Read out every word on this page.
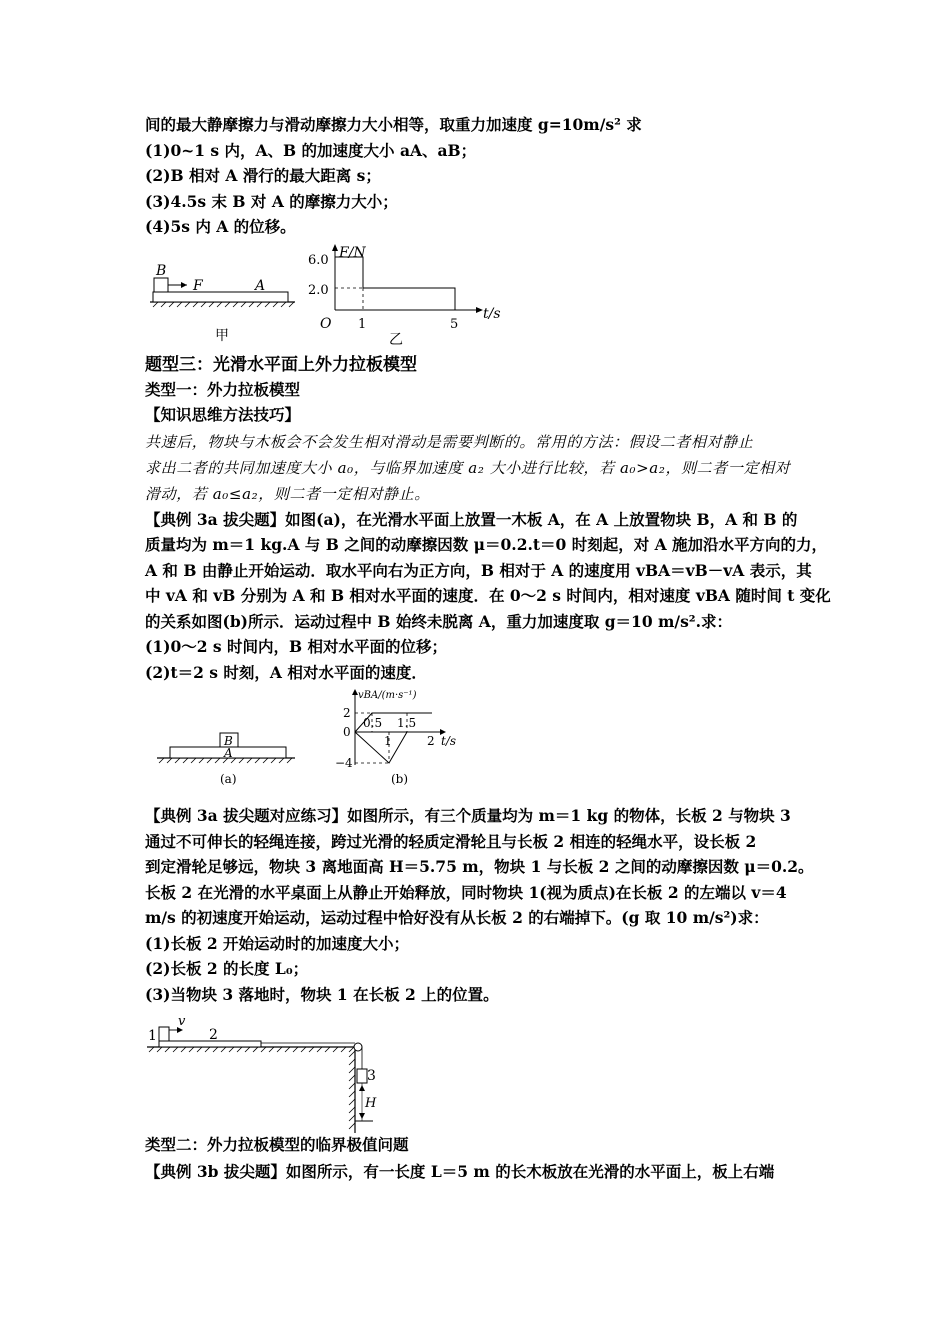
间的最大静摩擦力与滑动摩擦力大小相等，取重力加速度 g=10m/s² 求
(1)0~1 s 内，A、B 的加速度大小 aA、aB；
(2)B 相对 A 滑行的最大距离 s；
(3)4.5s 末 B 对 A 的摩擦力大小；
(4)5s 内 A 的位移。
B
F	A
甲
F/N
6.0
2.0
O 1	5
t/s
乙
题型三：光滑水平面上外力拉板模型
类型一：外力拉板模型
【知识思维方法技巧】
共速后，物块与木板会不会发生相对滑动是需要判断的。常用的方法：假设二者相对静止
求出二者的共同加速度大小 a₀，与临界加速度 a₂ 大小进行比较，若 a₀>a₂，则二者一定相对
滑动，若 a₀≤a₂，则二者一定相对静止。
【典例 3a 拔尖题】如图(a)，在光滑水平面上放置一木板 A，在 A 上放置物块 B，A 和 B 的
质量均为 m＝1 kg.A 与 B 之间的动摩擦因数 μ＝0.2.t＝0 时刻起，对 A 施加沿水平方向的力，
A 和 B 由静止开始运动．取水平向右为正方向，B 相对于 A 的速度用 vBA＝vB－vA 表示，其
中 vA 和 vB 分别为 A 和 B 相对水平面的速度．在 0～2 s 时间内，相对速度 vBA 随时间 t 变化
的关系如图(b)所示．运动过程中 B 始终未脱离 A，重力加速度取 g＝10 m/s².求：
(1)0～2 s 时间内，B 相对水平面的位移；
(2)t＝2 s 时刻，A 相对水平面的速度．
B
A
(a)
vBA/(m·s⁻¹)
2
0
−4
0.5
1
1.5
2 t/s
(b)
【典例 3a 拔尖题对应练习】如图所示，有三个质量均为 m＝1 kg 的物体，长板 2 与物块 3
通过不可伸长的轻绳连接，跨过光滑的轻质定滑轮且与长板 2 相连的轻绳水平，设长板 2
到定滑轮足够远，物块 3 离地面高 H＝5.75 m，物块 1 与长板 2 之间的动摩擦因数 μ＝0.2。
长板 2 在光滑的水平桌面上从静止开始释放，同时物块 1(视为质点)在长板 2 的左端以 v＝4
m/s 的初速度开始运动，运动过程中恰好没有从长板 2 的右端掉下。(g 取 10 m/s²)求：
(1)长板 2 开始运动时的加速度大小；
(2)长板 2 的长度 L₀；
(3)当物块 3 落地时，物块 1 在长板 2 上的位置。
1
v
2
3
H
类型二：外力拉板模型的临界极值问题
【典例 3b 拔尖题】如图所示，有一长度 L＝5 m 的长木板放在光滑的水平面上，板上右端
